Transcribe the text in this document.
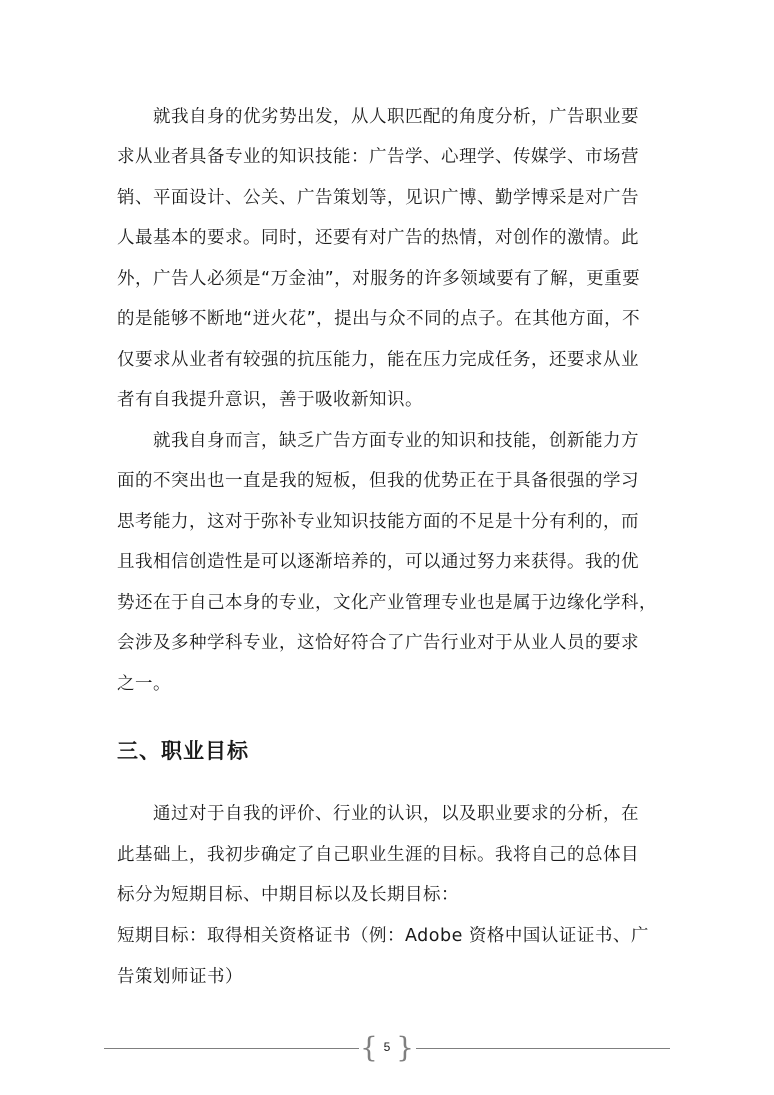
就我自身的优劣势出发，从人职匹配的角度分析，广告职业要

求从业者具备专业的知识技能：广告学、心理学、传媒学、市场营

销、平面设计、公关、广告策划等，见识广博、勤学博采是对广告

人最基本的要求。同时，还要有对广告的热情，对创作的激情。此

外，广告人必须是“万金油”，对服务的许多领域要有了解，更重要

的是能够不断地“迸火花”，提出与众不同的点子。在其他方面，不

仅要求从业者有较强的抗压能力，能在压力完成任务，还要求从业

者有自我提升意识，善于吸收新知识。

就我自身而言，缺乏广告方面专业的知识和技能，创新能力方

面的不突出也一直是我的短板，但我的优势正在于具备很强的学习

思考能力，这对于弥补专业知识技能方面的不足是十分有利的，而

且我相信创造性是可以逐渐培养的，可以通过努力来获得。我的优

势还在于自己本身的专业，文化产业管理专业也是属于边缘化学科，

会涉及多种学科专业，这恰好符合了广告行业对于从业人员的要求

之一。

三、职业目标

通过对于自我的评价、行业的认识，以及职业要求的分析，在

此基础上，我初步确定了自己职业生涯的目标。我将自己的总体目

标分为短期目标、中期目标以及长期目标：

短期目标：取得相关资格证书（例：Adobe 资格中国认证证书、广

告策划师证书）

{ 5 }
